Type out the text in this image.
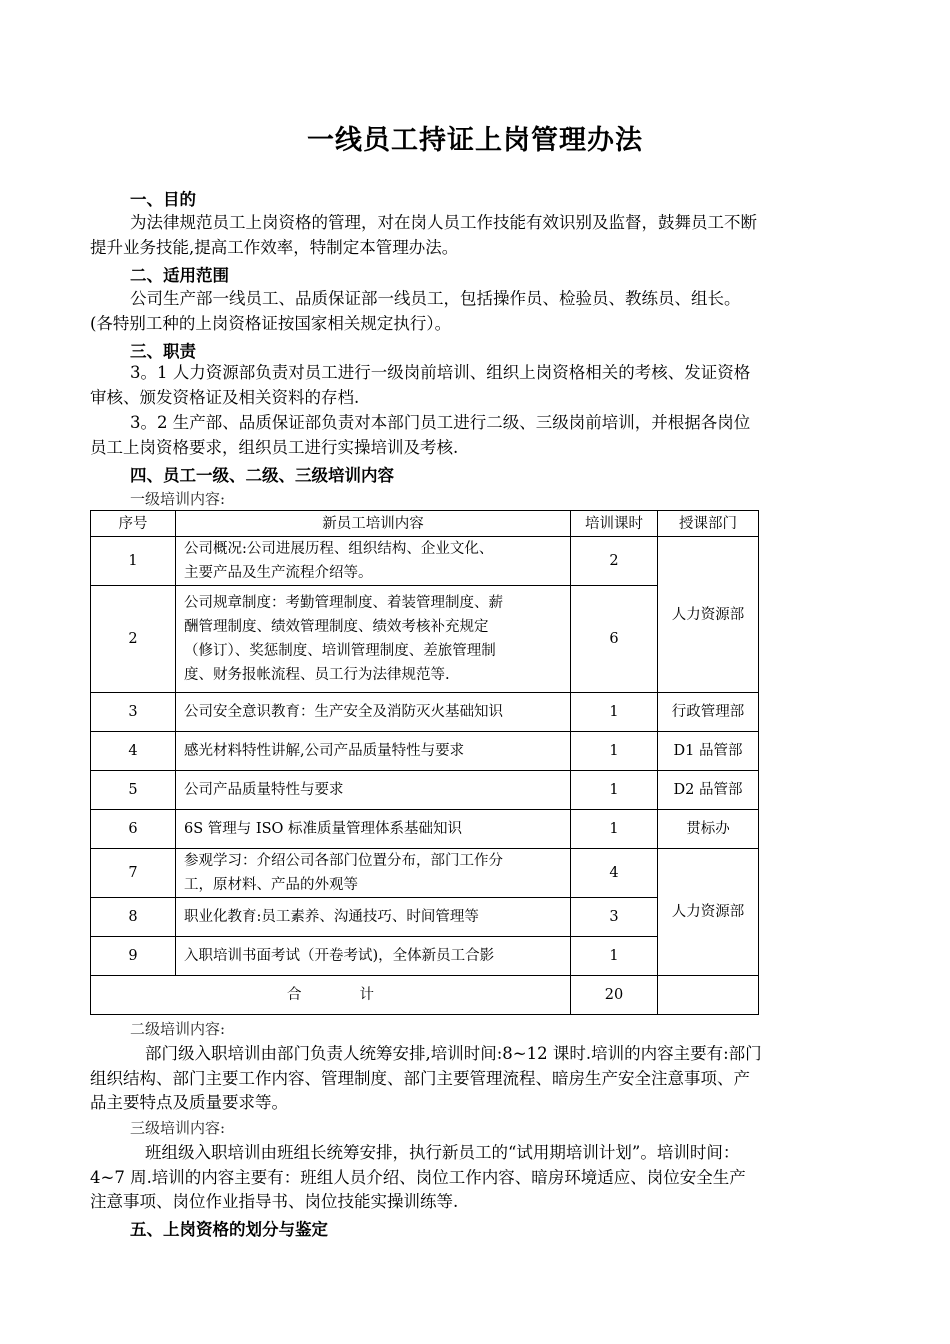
一线员工持证上岗管理办法
一、目的
为法律规范员工上岗资格的管理，对在岗人员工作技能有效识别及监督，鼓舞员工不断
提升业务技能,提高工作效率，特制定本管理办法。
二、适用范围
公司生产部一线员工、品质保证部一线员工，包括操作员、检验员、教练员、组长。
(各特别工种的上岗资格证按国家相关规定执行）。
三、职责
3。1 人力资源部负责对员工进行一级岗前培训、组织上岗资格相关的考核、发证资格
审核、颁发资格证及相关资料的存档.
3。2 生产部、品质保证部负责对本部门员工进行二级、三级岗前培训，并根据各岗位
员工上岗资格要求，组织员工进行实操培训及考核.
四、员工一级、二级、三级培训内容
一级培训内容:
序号	新员工培训内容	培训课时	授课部门
1	公司概况:公司进展历程、组织结构、企业文化、
主要产品及生产流程介绍等。	2	人力资源部
2	公司规章制度：考勤管理制度、着装管理制度、薪
酬管理制度、绩效管理制度、绩效考核补充规定
（修订）、奖惩制度、培训管理制度、差旅管理制
度、财务报帐流程、员工行为法律规范等.	6	
3	公司安全意识教育：生产安全及消防灭火基础知识	1	行政管理部
4	感光材料特性讲解,公司产品质量特性与要求	1	D1 品管部
5	公司产品质量特性与要求	1	D2 品管部
6	6S 管理与 ISO 标准质量管理体系基础知识	1	贯标办
7	参观学习：介绍公司各部门位置分布，部门工作分
工，原材料、产品的外观等	4	人力资源部
8	职业化教育:员工素养、沟通技巧、时间管理等	3	
9	入职培训书面考试（开卷考试)，全体新员工合影	1	
合　　　　计		20	
二级培训内容:
部门级入职培训由部门负责人统筹安排,培训时间:8~12 课时.培训的内容主要有:部门
组织结构、部门主要工作内容、管理制度、部门主要管理流程、暗房生产安全注意事项、产
品主要特点及质量要求等。
三级培训内容:
班组级入职培训由班组长统筹安排，执行新员工的“试用期培训计划”。培训时间：
4~7 周.培训的内容主要有：班组人员介绍、岗位工作内容、暗房环境适应、岗位安全生产
注意事项、岗位作业指导书、岗位技能实操训练等.
五、上岗资格的划分与鉴定
